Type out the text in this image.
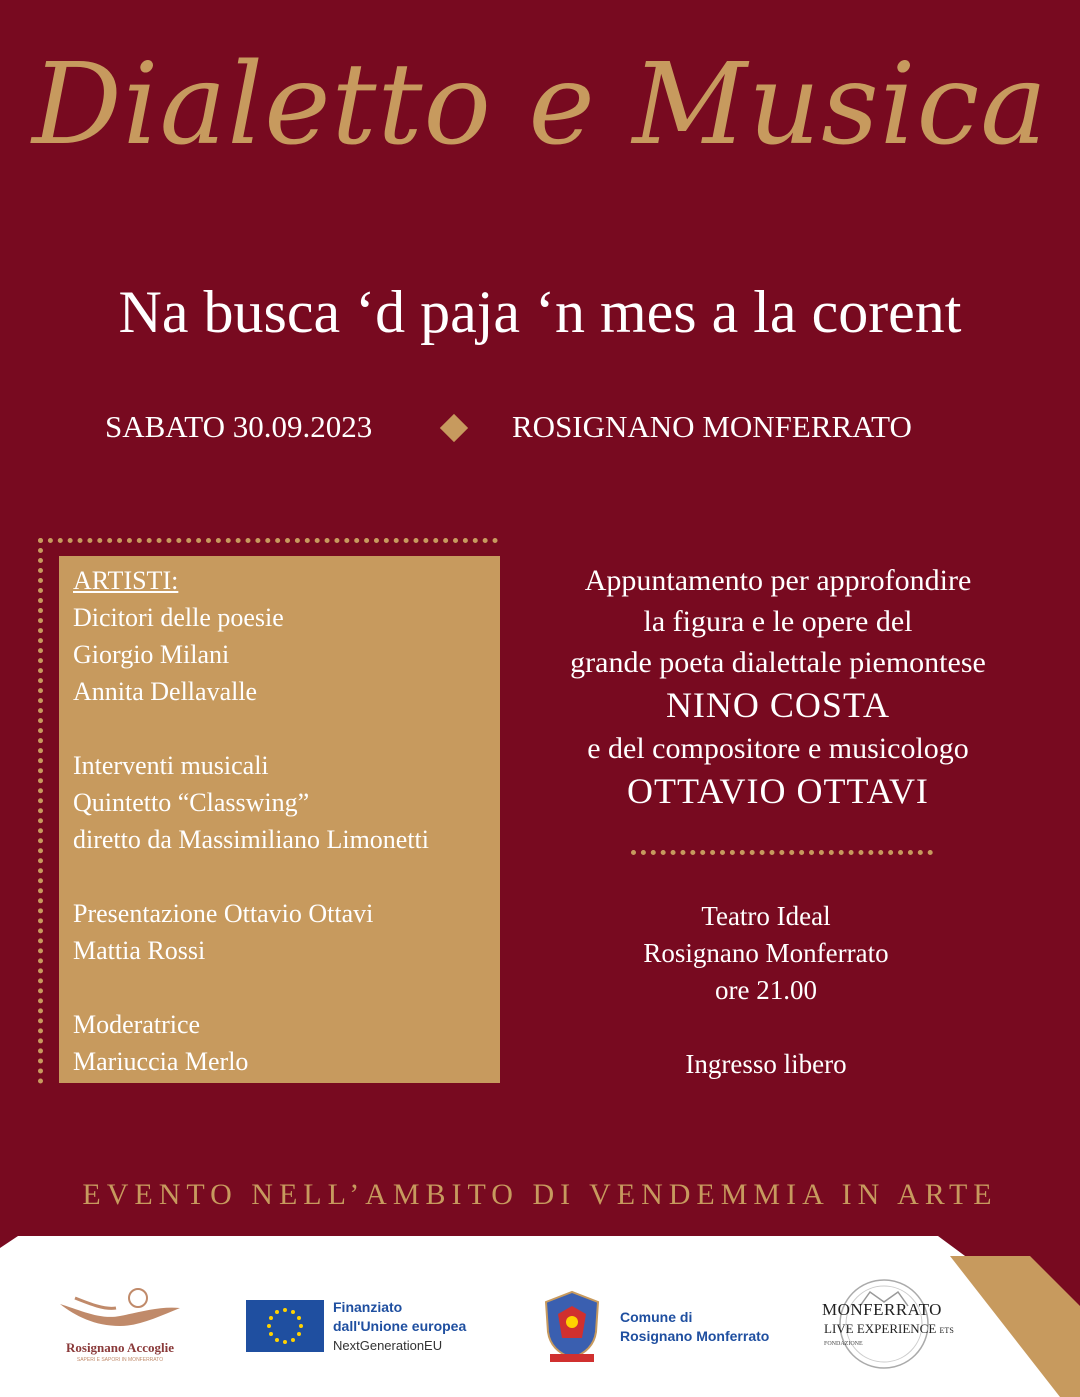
Dialetto e Musica
Na busca ‘d paja ‘n mes a la corent
SABATO 30.09.2023	ROSIGNANO MONFERRATO
ARTISTI:
Dicitori delle poesie
Giorgio Milani
Annita Dellavalle
Interventi musicali
Quintetto “Classwing”
diretto da Massimiliano Limonetti
Presentazione Ottavio Ottavi
Mattia Rossi
Moderatrice
Mariuccia Merlo
Appuntamento per approfondire
la figura e le opere del
grande poeta dialettale piemontese
NINO COSTA
e del compositore e musicologo
OTTAVIO OTTAVI
Teatro Ideal
Rosignano Monferrato
ore 21.00
Ingresso libero
EVENTO NELL’AMBITO DI VENDEMMIA IN ARTE
Rosignano Accoglie
SAPERI E SAPORI IN MONFERRATO
Finanziato
dall'Unione europea
NextGenerationEU
Comune di
Rosignano Monferrato
MONFERRATO
LIVE EXPERIENCE ETS
FONDAZIONE
